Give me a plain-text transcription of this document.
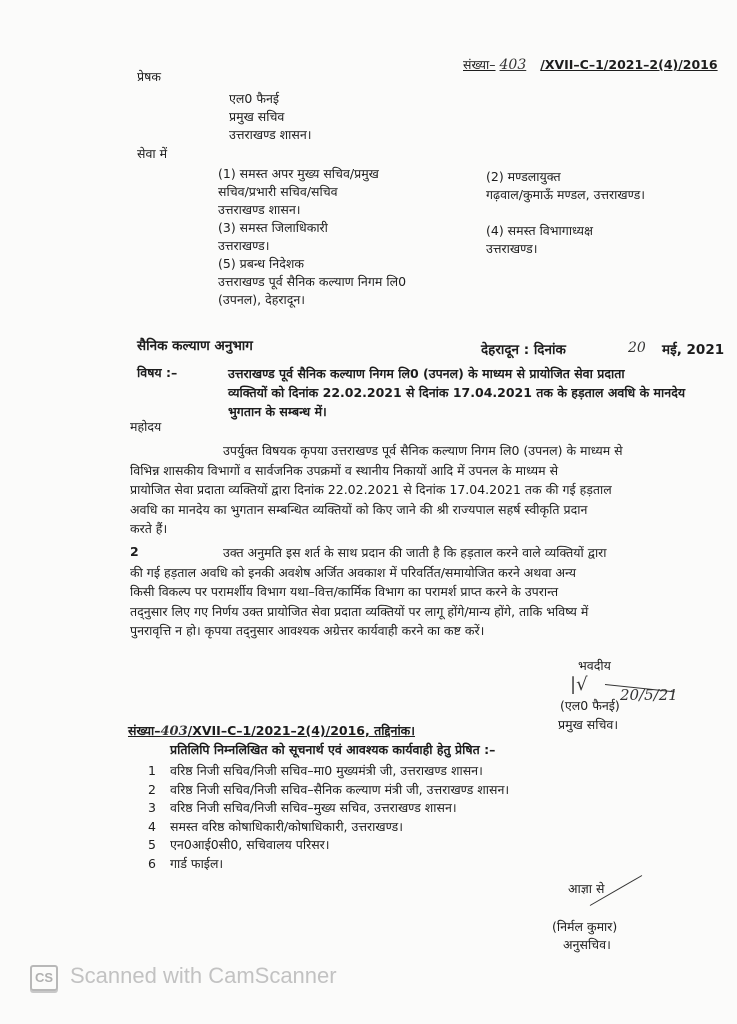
संख्या– 403 /XVII–C–1/2021–2(4)/2016
प्रेषक
एल0 फैनई
प्रमुख सचिव
उत्तराखण्ड शासन।
सेवा में
(1) समस्त अपर मुख्य सचिव/प्रमुख
सचिव/प्रभारी सचिव/सचिव
उत्तराखण्ड शासन।
(3) समस्त जिलाधिकारी
उत्तराखण्ड।
(5) प्रबन्ध निदेशक
उत्तराखण्ड पूर्व सैनिक कल्याण निगम लि0
(उपनल), देहरादून।
(2) मण्डलायुक्त
गढ़वाल/कुमाऊँ मण्डल, उत्तराखण्ड।
(4) समस्त विभागाध्यक्ष
उत्तराखण्ड।
सैनिक कल्याण अनुभाग	देहरादून : दिनांक	20 मई, 2021
विषय :–	उत्तराखण्ड पूर्व सैनिक कल्याण निगम लि0 (उपनल) के माध्यम से प्रायोजित सेवा प्रदाता
व्यक्तियों को दिनांक 22.02.2021 से दिनांक 17.04.2021 तक के हड़ताल अवधि के मानदेय
भुगतान के सम्बन्ध में।
महोदय
उपर्युक्त विषयक कृपया उत्तराखण्ड पूर्व सैनिक कल्याण निगम लि0 (उपनल) के माध्यम से
विभिन्न शासकीय विभागों व सार्वजनिक उपक्रमों व स्थानीय निकायों आदि में उपनल के माध्यम से
प्रायोजित सेवा प्रदाता व्यक्तियों द्वारा दिनांक 22.02.2021 से दिनांक 17.04.2021 तक की गई हड़ताल
अवधि का मानदेय का भुगतान सम्बन्धित व्यक्तियों को किए जाने की श्री राज्यपाल सहर्ष स्वीकृति प्रदान
करते हैं।
2	उक्त अनुमति इस शर्त के साथ प्रदान की जाती है कि हड़ताल करने वाले व्यक्तियों द्वारा
की गई हड़ताल अवधि को इनकी अवशेष अर्जित अवकाश में परिवर्तित/समायोजित करने अथवा अन्य
किसी विकल्प पर परामर्शीय विभाग यथा–वित्त/कार्मिक विभाग का परामर्श प्राप्त करने के उपरान्त
तद्नुसार लिए गए निर्णय उक्त प्रायोजित सेवा प्रदाता व्यक्तियों पर लागू होंगे/मान्य होंगे, ताकि भविष्य में
पुनरावृत्ति न हो। कृपया तद्नुसार आवश्यक अग्रेत्तर कार्यवाही करने का कष्ट करें।
भवदीय
|√ 20/5/21
(एल0 फैनई)
प्रमुख सचिव।
संख्या–403/XVII–C–1/2021–2(4)/2016, तद्दिनांक।
प्रतिलिपि निम्नलिखित को सूचनार्थ एवं आवश्यक कार्यवाही हेतु प्रेषित :–
1 वरिष्ठ निजी सचिव/निजी सचिव–मा0 मुख्यमंत्री जी, उत्तराखण्ड शासन।
2 वरिष्ठ निजी सचिव/निजी सचिव–सैनिक कल्याण मंत्री जी, उत्तराखण्ड शासन।
3 वरिष्ठ निजी सचिव/निजी सचिव–मुख्य सचिव, उत्तराखण्ड शासन।
4 समस्त वरिष्ठ कोषाधिकारी/कोषाधिकारी, उत्तराखण्ड।
5 एन0आई0सी0, सचिवालय परिसर।
6 गार्ड फाईल।
आज्ञा से
(निर्मल कुमार)
अनुसचिव।
CS Scanned with CamScanner
